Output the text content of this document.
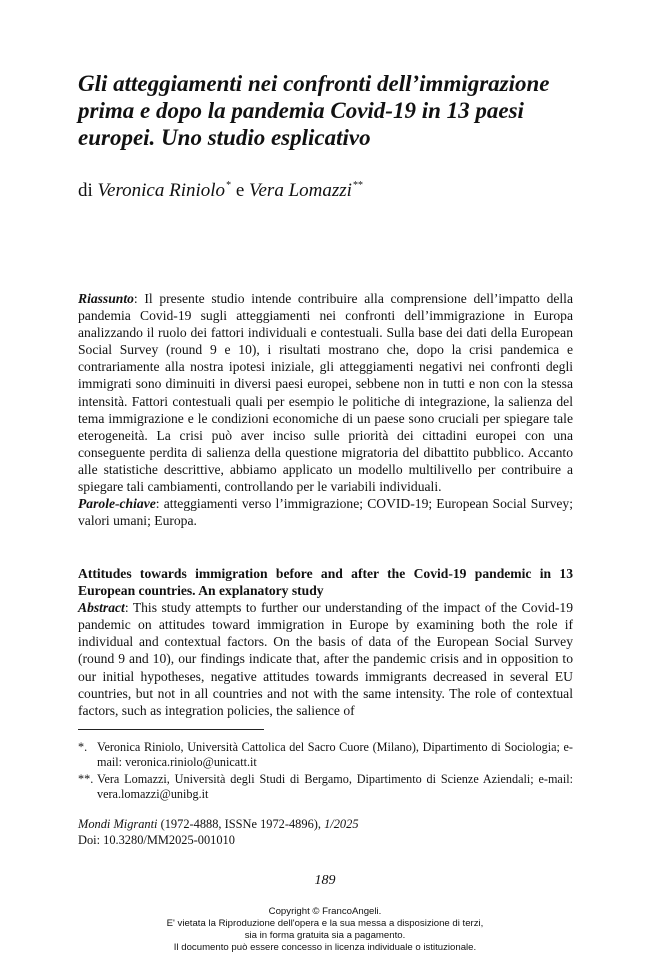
Gli atteggiamenti nei confronti dell’immigrazione prima e dopo la pandemia Covid-19 in 13 paesi europei. Uno studio esplicativo
di Veronica Riniolo* e Vera Lomazzi**

Riassunto: Il presente studio intende contribuire alla comprensione dell’impatto della pandemia Covid-19 sugli atteggiamenti nei confronti dell’immigrazione in Europa analizzando il ruolo dei fattori individuali e contestuali. Sulla base dei dati della European Social Survey (round 9 e 10), i risultati mostrano che, dopo la crisi pandemica e contrariamente alla nostra ipotesi iniziale, gli atteggiamenti negativi nei confronti degli immigrati sono diminuiti in diversi paesi europei, sebbene non in tutti e non con la stessa intensità. Fattori contestuali quali per esempio le politiche di integrazione, la salienza del tema immigrazione e le condizioni economiche di un paese sono cruciali per spiegare tale eterogeneità. La crisi può aver inciso sulle priorità dei cittadini europei con una conseguente perdita di salienza della questione migratoria del dibattito pubblico. Accanto alle statistiche descrittive, abbiamo applicato un modello multilivello per contribuire a spiegare tali cambiamenti, controllando per le variabili individuali.

Parole-chiave: atteggiamenti verso l’immigrazione; COVID-19; European Social Survey; valori umani; Europa.

Attitudes towards immigration before and after the Covid-19 pandemic in 13 European countries. An explanatory study

Abstract: This study attempts to further our understanding of the impact of the Covid-19 pandemic on attitudes toward immigration in Europe by examining both the role if individual and contextual factors. On the basis of data of the European Social Survey (round 9 and 10), our findings indicate that, after the pandemic crisis and in opposition to our initial hypotheses, negative attitudes towards immigrants decreased in several EU countries, but not in all countries and not with the same intensity. The role of contextual factors, such as integration policies, the salience of

*. Veronica Riniolo, Università Cattolica del Sacro Cuore (Milano), Dipartimento di Sociologia; e-mail: veronica.riniolo@unicatt.it
**. Vera Lomazzi, Università degli Studi di Bergamo, Dipartimento di Scienze Aziendali; e-mail: vera.lomazzi@unibg.it
Mondi Migranti (1972-4888, ISSNe 1972-4896), 1/2025
Doi: 10.3280/MM2025-001010
189
Copyright © FrancoAngeli.
E' vietata la Riproduzione dell'opera e la sua messa a disposizione di terzi,
sia in forma gratuita sia a pagamento.
Il documento può essere concesso in licenza individuale o istituzionale.
